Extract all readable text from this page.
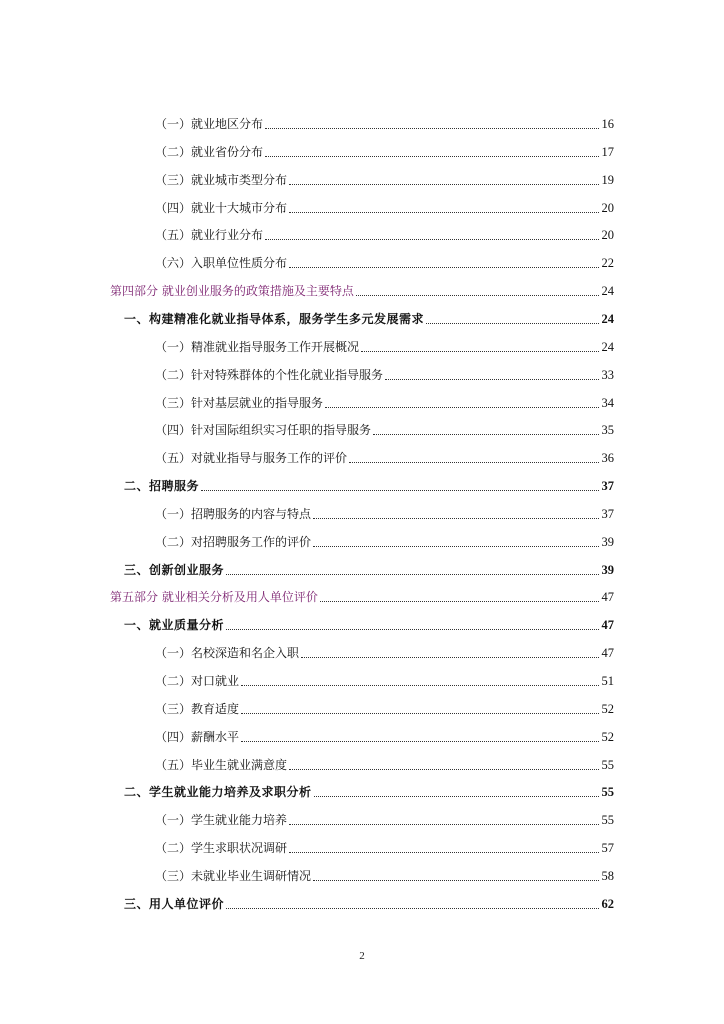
（一）就业地区分布	16
（二）就业省份分布	17
（三）就业城市类型分布	19
（四）就业十大城市分布	20
（五）就业行业分布	20
（六）入职单位性质分布	22
第四部分 就业创业服务的政策措施及主要特点	24
一、构建精准化就业指导体系，服务学生多元发展需求	24
（一）精准就业指导服务工作开展概况	24
（二）针对特殊群体的个性化就业指导服务	33
（三）针对基层就业的指导服务	34
（四）针对国际组织实习任职的指导服务	35
（五）对就业指导与服务工作的评价	36
二、招聘服务	37
（一）招聘服务的内容与特点	37
（二）对招聘服务工作的评价	39
三、创新创业服务	39
第五部分 就业相关分析及用人单位评价	47
一、就业质量分析	47
（一）名校深造和名企入职	47
（二）对口就业	51
（三）教育适度	52
（四）薪酬水平	52
（五）毕业生就业满意度	55
二、学生就业能力培养及求职分析	55
（一）学生就业能力培养	55
（二）学生求职状况调研	57
（三）未就业毕业生调研情况	58
三、用人单位评价	62
2
